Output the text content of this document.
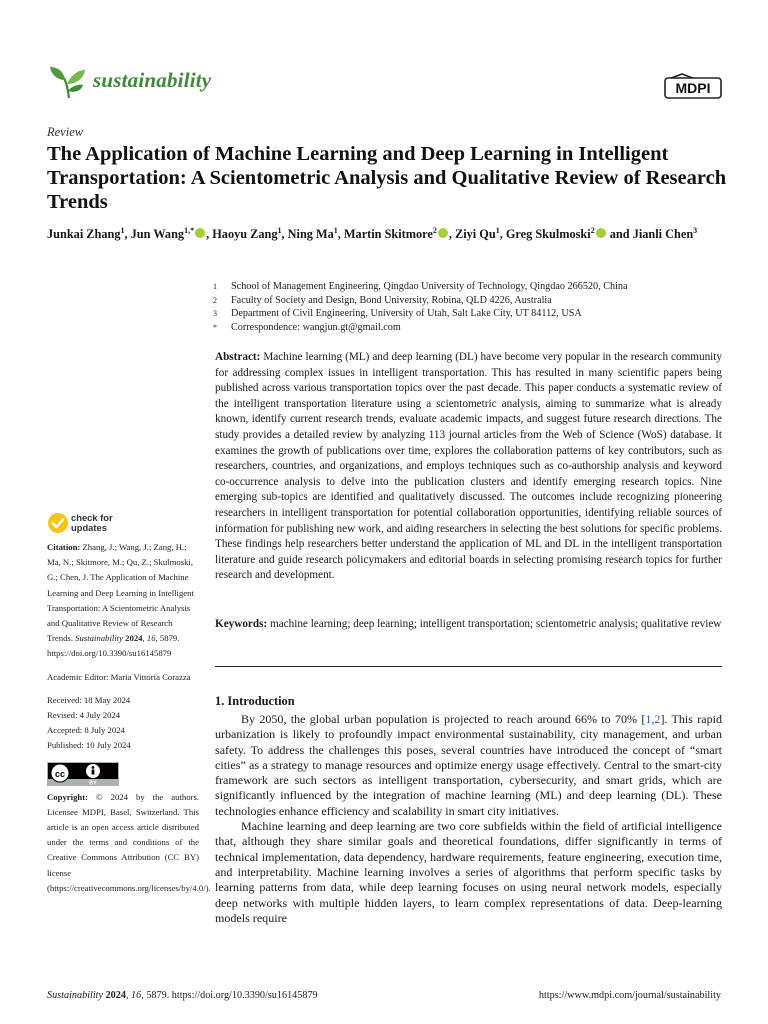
sustainability	MDPI
Review
The Application of Machine Learning and Deep Learning in Intelligent Transportation: A Scientometric Analysis and Qualitative Review of Research Trends
Junkai Zhang$^1$, Jun Wang$^{1,*}$ , Haoyu Zang$^1$, Ning Ma$^1$, Martin Skitmore$^2$ , Ziyi Qu$^1$, Greg Skulmoski$^2$ and Jianli Chen$^3$
1	School of Management Engineering, Qingdao University of Technology, Qingdao 266520, China
2	Faculty of Society and Design, Bond University, Robina, QLD 4226, Australia
3	Department of Civil Engineering, University of Utah, Salt Lake City, UT 84112, USA
*	Correspondence: wangjun.gt@gmail.com
Abstract: Machine learning (ML) and deep learning (DL) have become very popular in the research community for addressing complex issues in intelligent transportation. This has resulted in many scientific papers being published across various transportation topics over the past decade. This paper conducts a systematic review of the intelligent transportation literature using a scientometric analysis, aiming to summarize what is already known, identify current research trends, evaluate academic impacts, and suggest future research directions. The study provides a detailed review by analyzing 113 journal articles from the Web of Science (WoS) database. It examines the growth of publications over time, explores the collaboration patterns of key contributors, such as researchers, countries, and organizations, and employs techniques such as co-authorship analysis and keyword co-occurrence analysis to delve into the publication clusters and identify emerging research topics. Nine emerging sub-topics are identified and qualitatively discussed. The outcomes include recognizing pioneering researchers in intelligent transportation for potential collaboration opportunities, identifying reliable sources of information for publishing new work, and aiding researchers in selecting the best solutions for specific problems. These findings help researchers better understand the application of ML and DL in the intelligent transportation literature and guide research policymakers and editorial boards in selecting promising research topics for further research and development.
Keywords: machine learning; deep learning; intelligent transportation; scientometric analysis; qualitative review
1. Introduction

By 2050, the global urban population is projected to reach around 66% to 70% [1,2]. This rapid urbanization is likely to profoundly impact environmental sustainability, city management, and urban safety. To address the challenges this poses, several countries have introduced the concept of “smart cities” as a strategy to manage resources and optimize energy usage effectively. Central to the smart-city framework are such sectors as intelligent transportation, cybersecurity, and smart grids, which are significantly influenced by the integration of machine learning (ML) and deep learning (DL). These technologies enhance efficiency and scalability in smart city initiatives.

Machine learning and deep learning are two core subfields within the field of artificial intelligence that, although they share similar goals and theoretical foundations, differ significantly in terms of technical implementation, data dependency, hardware requirements, feature engineering, execution time, and interpretability. Machine learning involves a series of algorithms that perform specific tasks by learning patterns from data, while deep learning focuses on using neural network models, especially deep networks with multiple hidden layers, to learn complex representations of data. Deep-learning models require

check for
updates
Citation: Zhang, J.; Wang, J.; Zang, H.; Ma, N.; Skitmore, M.; Qu, Z.; Skulmoski, G.; Chen, J. The Application of Machine Learning and Deep Learning in Intelligent Transportation: A Scientometric Analysis and Qualitative Review of Research Trends. Sustainability 2024, 16, 5879. https://doi.org/10.3390/su16145879
Academic Editor: Maria Vittoria Corazza
Received: 18 May 2024
Revised: 4 July 2024
Accepted: 8 July 2024
Published: 10 July 2024
cc
BY
Copyright: © 2024 by the authors. Licensee MDPI, Basel, Switzerland. This article is an open access article distributed under the terms and conditions of the Creative Commons Attribution (CC BY) license (https://creativecommons.org/licenses/by/4.0/).
Sustainability 2024, 16, 5879. https://doi.org/10.3390/su16145879	https://www.mdpi.com/journal/sustainability
